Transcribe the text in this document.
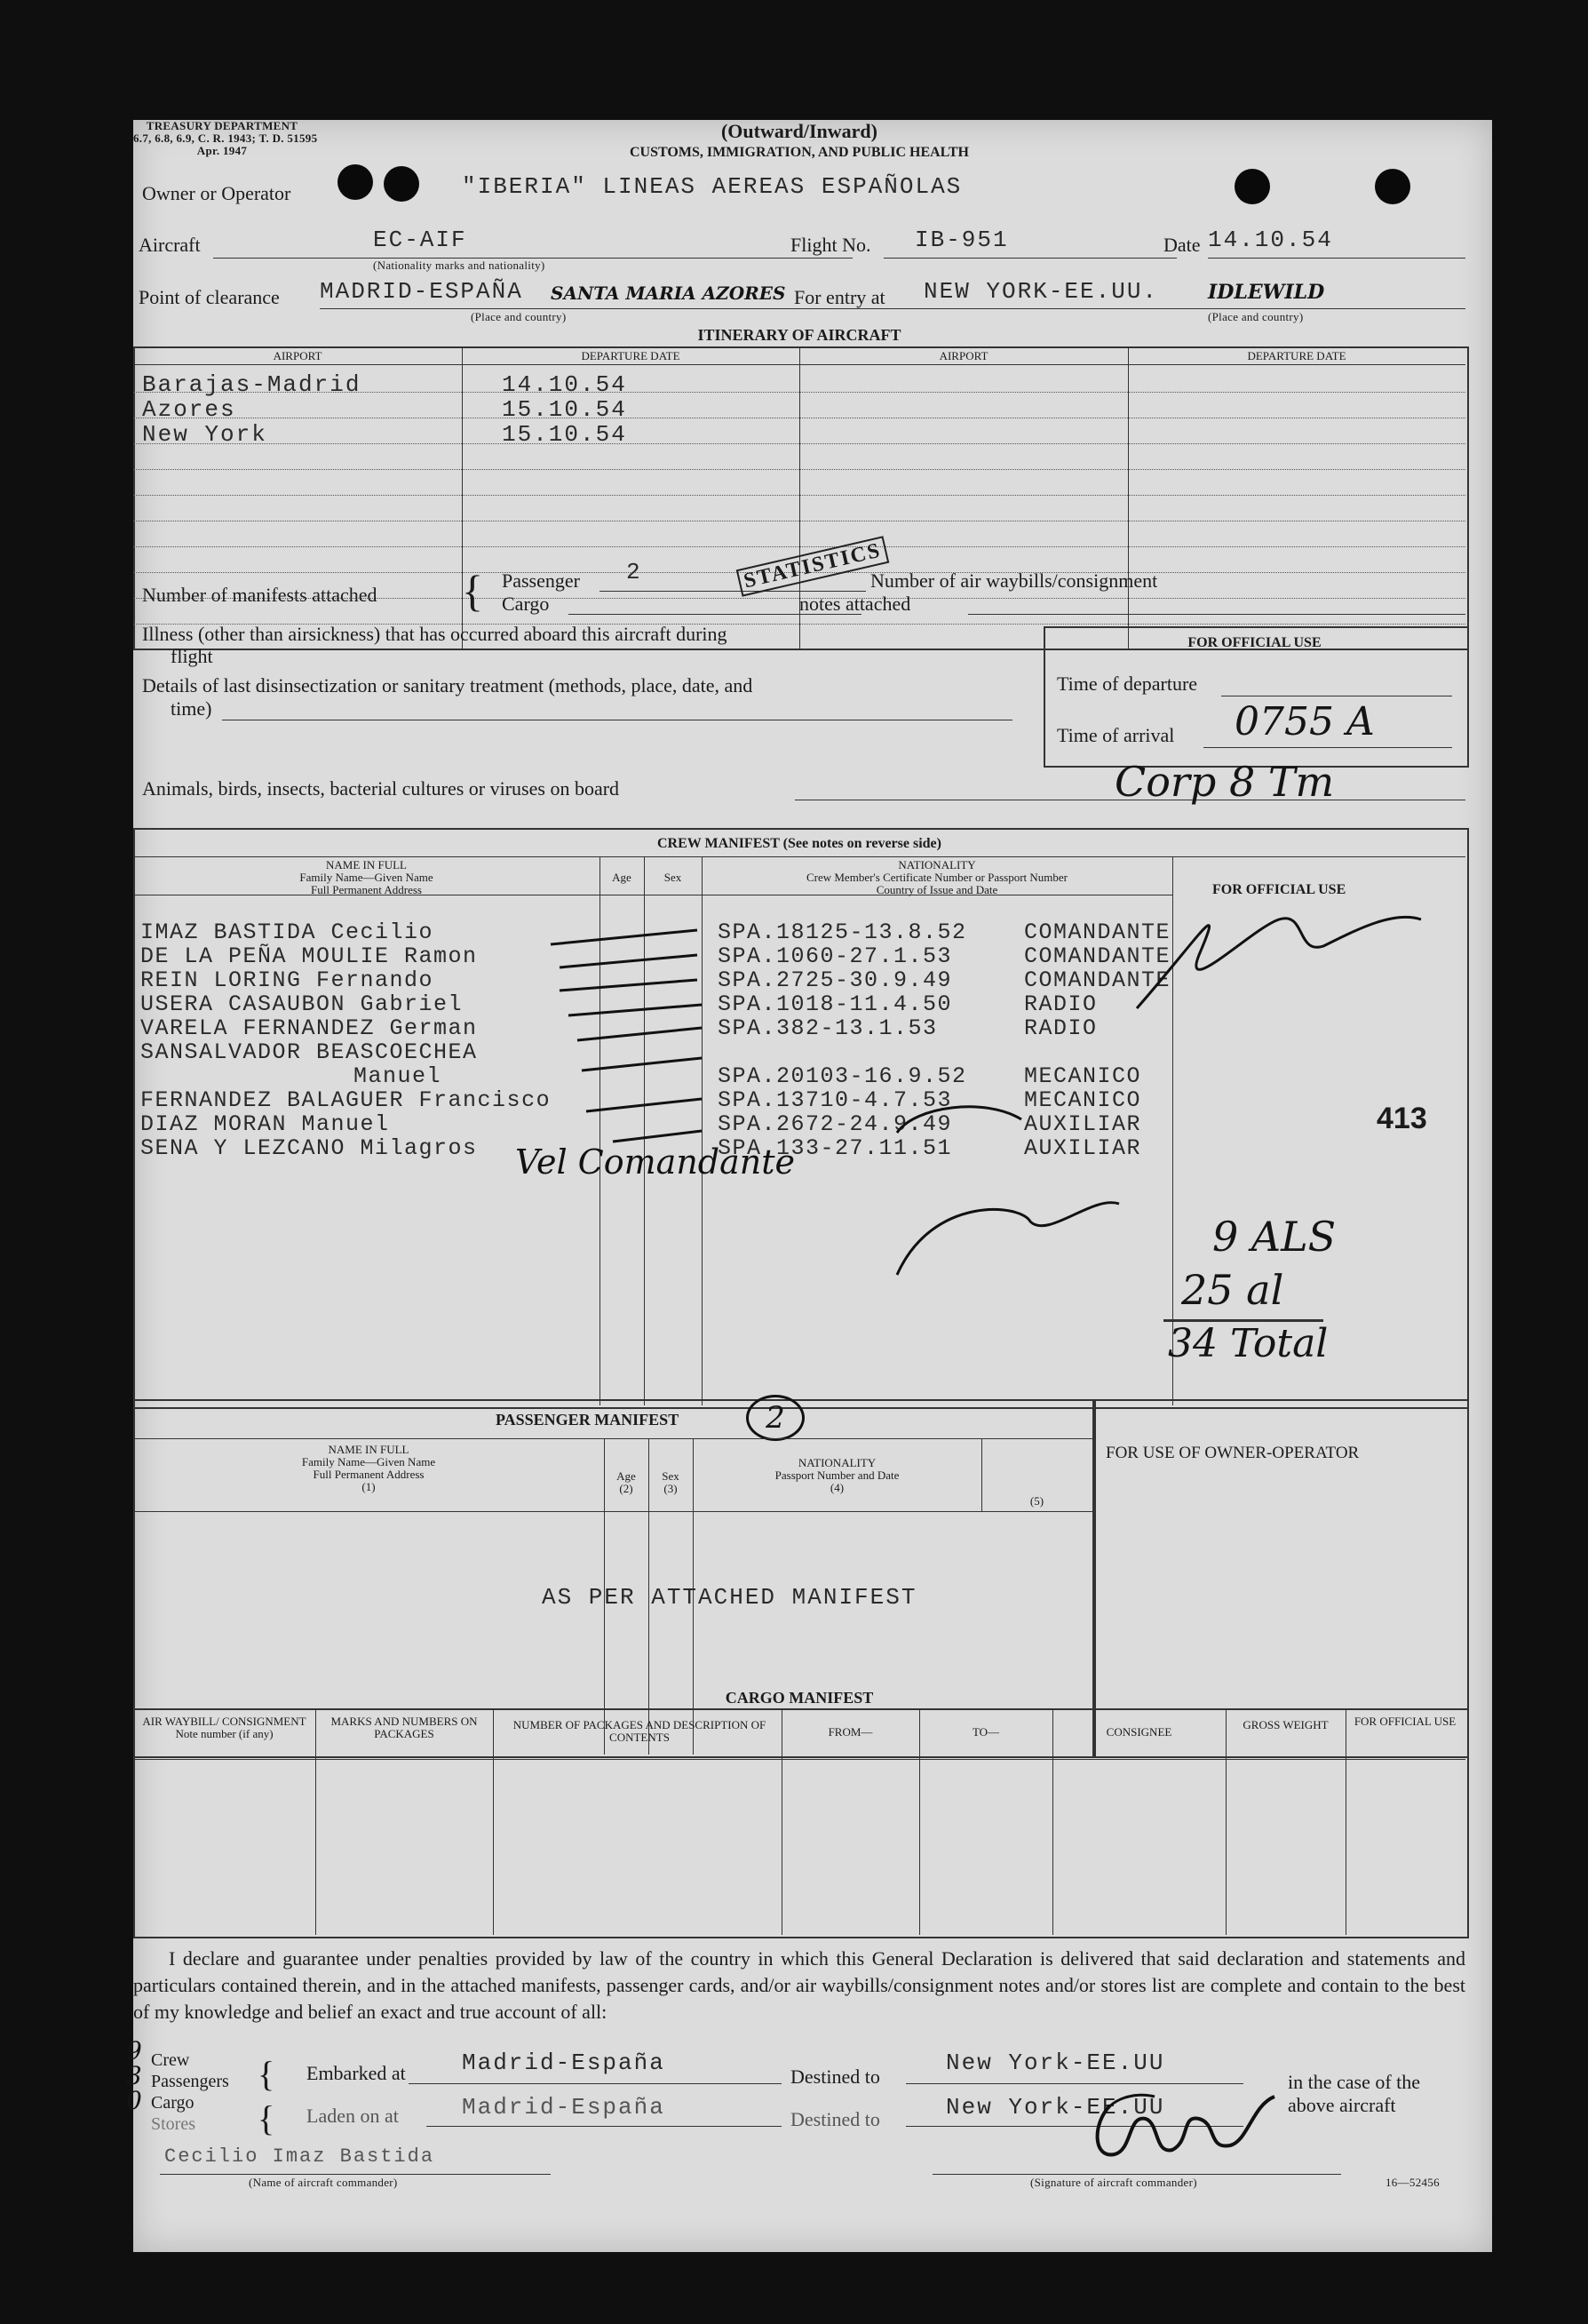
TREASURY DEPARTMENT
6.7, 6.8, 6.9, C. R. 1943; T. D. 51595
Apr. 1947
(Outward/Inward)
CUSTOMS, IMMIGRATION, AND PUBLIC HEALTH
Owner or Operator	"IBERIA" LINEAS AEREAS ESPAÑOLAS
Aircraft	EC-AIF
(Nationality marks and nationality)
Flight No. IB-951	Date 14.10.54
Point of clearance MADRID-ESPAÑA SANTA MARIA AZORES
(Place and country)
For entry at NEW YORK-EE.UU.	IDLEWILD
(Place and country)
ITINERARY OF AIRCRAFT
AIRPORT	DEPARTURE DATE	AIRPORT	DEPARTURE DATE
Barajas-Madrid	14.10.54
Azores	15.10.54
New York	15.10.54
Number of manifests attached { Passenger 2
Cargo
STATISTICS
Number of air waybills/consignment
notes attached
Illness (other than airsickness) that has occurred aboard this aircraft during
flight
Details of last disinsectization or sanitary treatment (methods, place, date, and
time)
Animals, birds, insects, bacterial cultures or viruses on board
FOR OFFICIAL USE
Time of departure
Time of arrival 0755 A
Corp 8 Tm
CREW MANIFEST (See notes on reverse side)
NAME IN FULL
Family Name—Given Name
Full Permanent Address
Age	Sex
NATIONALITY
Crew Member's Certificate Number or Passport Number
Country of Issue and Date	FOR OFFICIAL USE
IMAZ BASTIDA Cecilio	SPA.18125-13.8.52	COMANDANTE
DE LA PEÑA MOULIE Ramon	SPA.1060-27.1.53	COMANDANTE
REIN LORING Fernando	SPA.2725-30.9.49	COMANDANTE
USERA CASAUBON Gabriel	SPA.1018-11.4.50	RADIO
VARELA FERNANDEZ German	SPA.382-13.1.53	RADIO
SANSALVADOR BEASCOECHEA
Manuel	SPA.20103-16.9.52	MECANICO
FERNANDEZ BALAGUER Francisco	SPA.13710-4.7.53	MECANICO
DIAZ MORAN Manuel	SPA.2672-24.9.49	AUXILIAR
SENA Y LEZCANO Milagros	SPA.133-27.11.51	AUXILIAR
Vel Comandante
413
9 ALS
25 al
34 Total
PASSENGER MANIFEST	2
NAME IN FULL
Family Name—Given Name
Full Permanent Address
(1)
Age
(2)
Sex
(3)
NATIONALITY
Passport Number and Date
(4)
(5)
FOR USE OF OWNER-OPERATOR
AS PER ATTACHED MANIFEST
CARGO MANIFEST
AIR WAYBILL/ CONSIGNMENT Note number (if any)
MARKS AND NUMBERS ON PACKAGES
NUMBER OF PACKAGES AND DESCRIPTION OF CONTENTS	FROM—	TO—	CONSIGNEE
GROSS WEIGHT	FOR OFFICIAL USE

I declare and guarantee under penalties provided by law of the country in which this General Declaration is delivered that said declaration and statements and particulars contained therein, and in the attached manifests, passenger cards, and/or air waybills/consignment notes and/or stores list are complete and contain to the best of my knowledge and belief an exact and true account of all:

Crew
Passengers
Cargo
Stores
9
3
0
{
{
Embarked at Madrid-España
Destined to
New York-EE.UU
Laden on at	Madrid-España	Destined to	New York-EE.UU
in the case of the
above aircraft
Cecilio Imaz Bastida
(Name of aircraft commander)	(Signature of aircraft commander)	16—52456
